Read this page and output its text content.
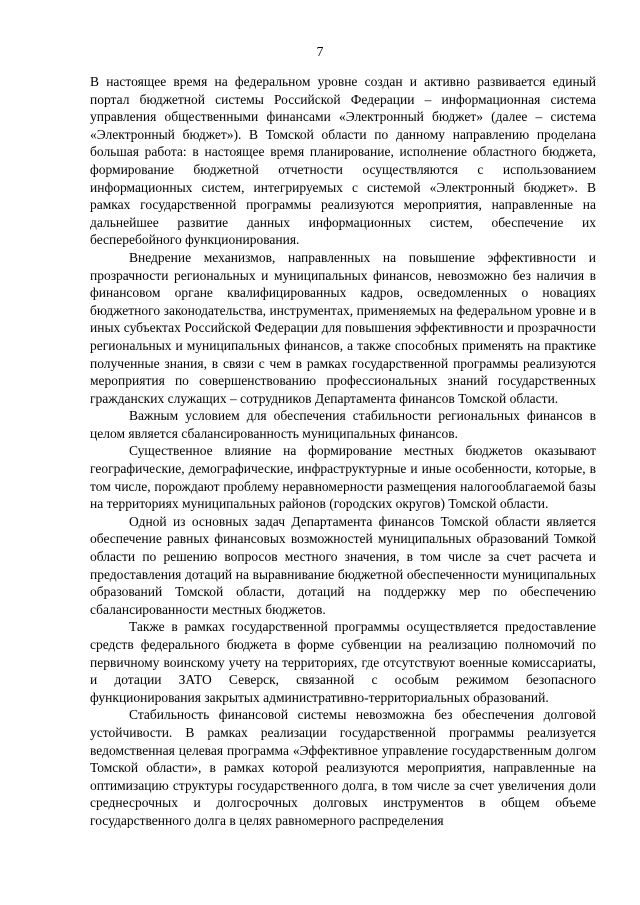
7

В настоящее время на федеральном уровне создан и активно развивается единый портал бюджетной системы Российской Федерации – информационная система управления общественными финансами «Электронный бюджет» (далее – система «Электронный бюджет»). В Томской области по данному направлению проделана большая работа: в настоящее время планирование, исполнение областного бюджета, формирование бюджетной отчетности осуществляются с использованием информационных систем, интегрируемых с системой «Электронный бюджет». В рамках государственной программы реализуются мероприятия, направленные на дальнейшее развитие данных информационных систем, обеспечение их бесперебойного функционирования.

Внедрение механизмов, направленных на повышение эффективности и прозрачности региональных и муниципальных финансов, невозможно без наличия в финансовом органе квалифицированных кадров, осведомленных о новациях бюджетного законодательства, инструментах, применяемых на федеральном уровне и в иных субъектах Российской Федерации для повышения эффективности и прозрачности региональных и муниципальных финансов, а также способных применять на практике полученные знания, в связи с чем в рамках государственной программы реализуются мероприятия по совершенствованию профессиональных знаний государственных гражданских служащих – сотрудников Департамента финансов Томской области.

Важным условием для обеспечения стабильности региональных финансов в целом является сбалансированность муниципальных финансов.

Существенное влияние на формирование местных бюджетов оказывают географические, демографические, инфраструктурные и иные особенности, которые, в том числе, порождают проблему неравномерности размещения налогооблагаемой базы на территориях муниципальных районов (городских округов) Томской области.

Одной из основных задач Департамента финансов Томской области является обеспечение равных финансовых возможностей муниципальных образований Томкой области по решению вопросов местного значения, в том числе за счет расчета и предоставления дотаций на выравнивание бюджетной обеспеченности муниципальных образований Томской области, дотаций на поддержку мер по обеспечению сбалансированности местных бюджетов.

Также в рамках государственной программы осуществляется предоставление средств федерального бюджета в форме субвенции на реализацию полномочий по первичному воинскому учету на территориях, где отсутствуют военные комиссариаты, и дотации ЗАТО Северск, связанной с особым режимом безопасного функционирования закрытых административно-территориальных образований.

Стабильность финансовой системы невозможна без обеспечения долговой устойчивости. В рамках реализации государственной программы реализуется ведомственная целевая программа «Эффективное управление государственным долгом Томской области», в рамках которой реализуются мероприятия, направленные на оптимизацию структуры государственного долга, в том числе за счет увеличения доли среднесрочных и долгосрочных долговых инструментов в общем объеме государственного долга в целях равномерного распределения
